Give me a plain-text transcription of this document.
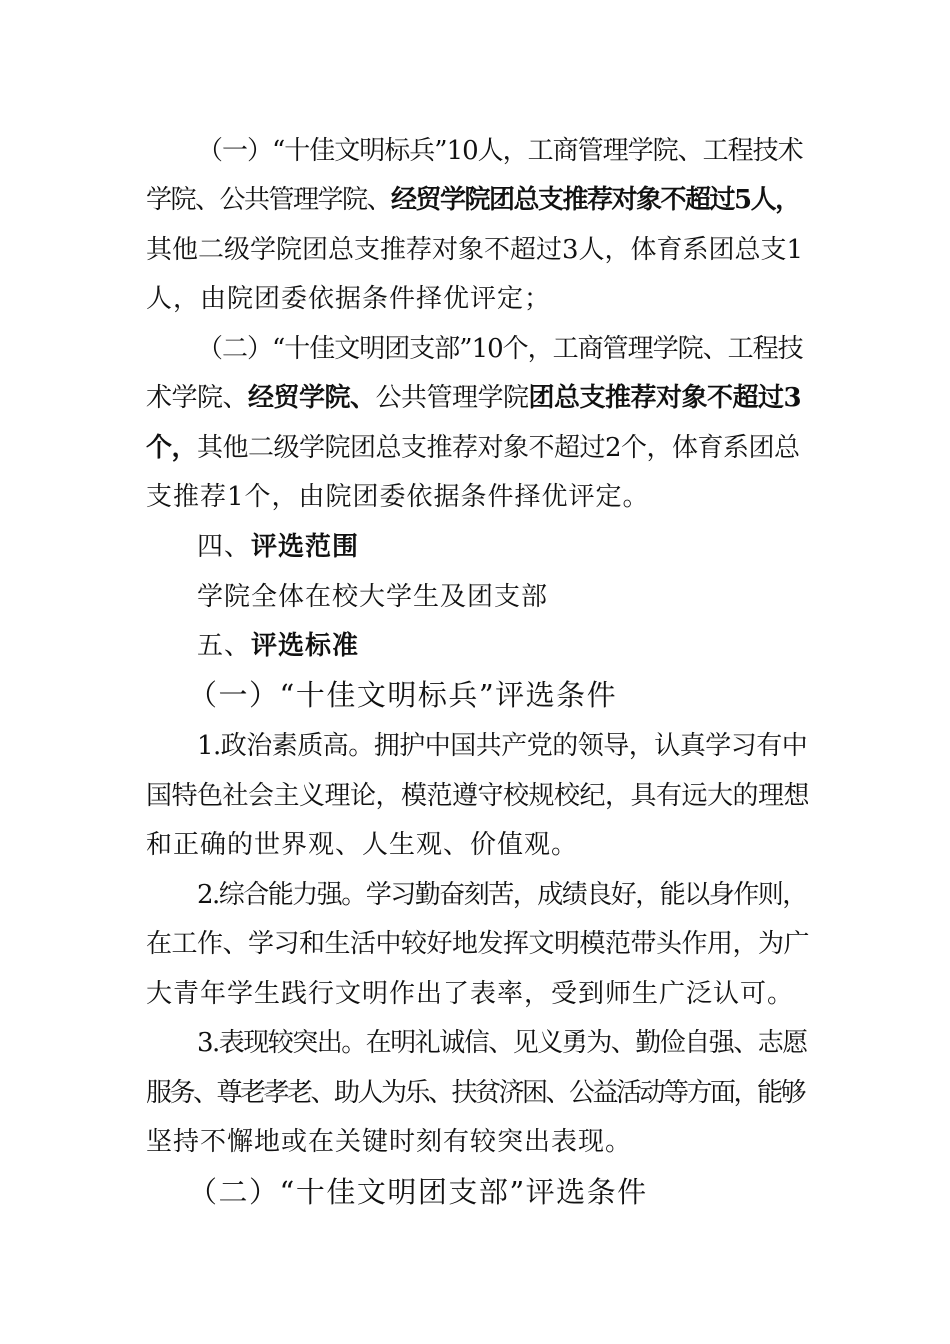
（一）“十佳文明标兵”10人，工商管理学院、工程技术
学院、公共管理学院、经贸学院团总支推荐对象不超过5人，
其他二级学院团总支推荐对象不超过3人，体育系团总支1
人，由院团委依据条件择优评定；
（二）“十佳文明团支部”10个，工商管理学院、工程技
术学院、经贸学院、公共管理学院团总支推荐对象不超过3
个，其他二级学院团总支推荐对象不超过2个，体育系团总
支推荐1个，由院团委依据条件择优评定。
四、评选范围
学院全体在校大学生及团支部
五、评选标准
（一）“十佳文明标兵”评选条件
1.政治素质高。拥护中国共产党的领导，认真学习有中
国特色社会主义理论，模范遵守校规校纪，具有远大的理想
和正确的世界观、人生观、价值观。
2.综合能力强。学习勤奋刻苦，成绩良好，能以身作则，
在工作、学习和生活中较好地发挥文明模范带头作用，为广
大青年学生践行文明作出了表率，受到师生广泛认可。
3.表现较突出。在明礼诚信、见义勇为、勤俭自强、志愿
服务、尊老孝老、助人为乐、扶贫济困、公益活动等方面，能够
坚持不懈地或在关键时刻有较突出表现。
（二）“十佳文明团支部”评选条件
